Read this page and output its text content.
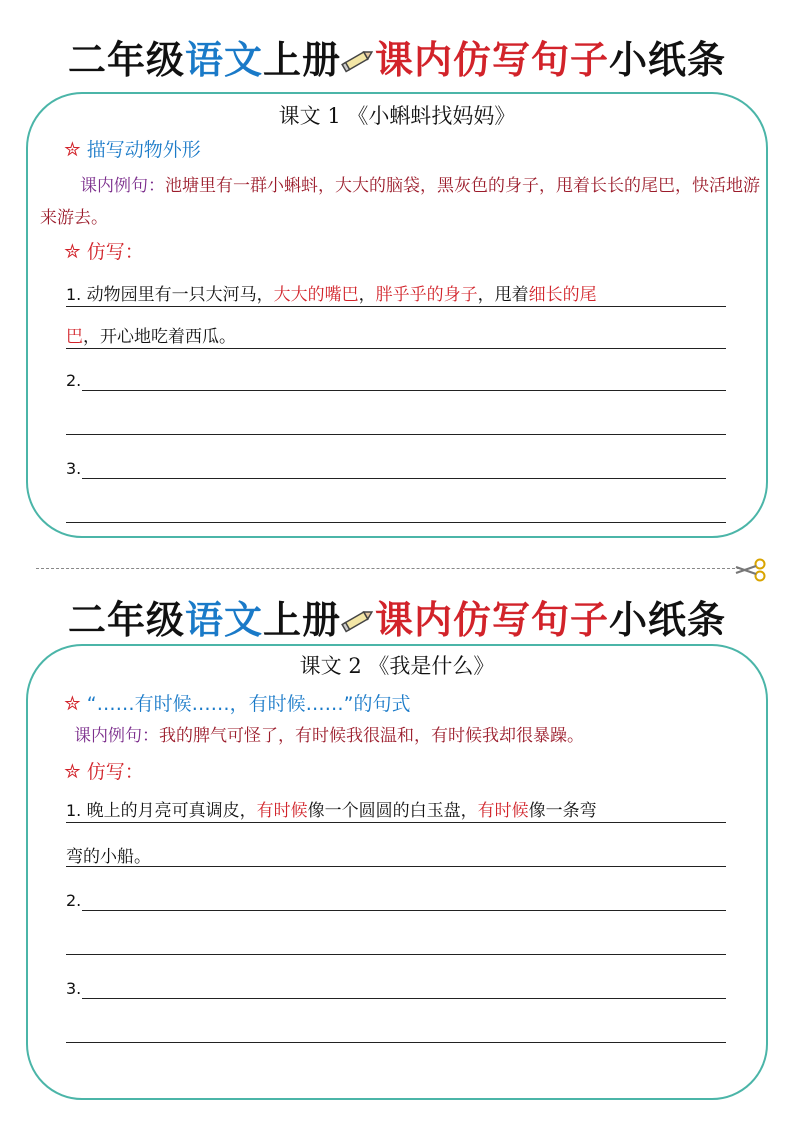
二年级语文上册 课内仿写句子小纸条
课文 1 《小蝌蚪找妈妈》
✮ 描写动物外形
课内例句：池塘里有一群小蝌蚪，大大的脑袋，黑灰色的身子，甩着长长的尾巴，快活地游来游去。
✮ 仿写：
1. 动物园里有一只大河马，大大的嘴巴，胖乎乎的身子，甩着细长的尾
巴，开心地吃着西瓜。
2.
3.
二年级语文上册 课内仿写句子小纸条
课文 2 《我是什么》
✮ “……有时候……，有时候……”的句式
课内例句：我的脾气可怪了，有时候我很温和，有时候我却很暴躁。
✮ 仿写：
1. 晚上的月亮可真调皮，有时候像一个圆圆的白玉盘，有时候像一条弯
弯的小船。
2.
3.
